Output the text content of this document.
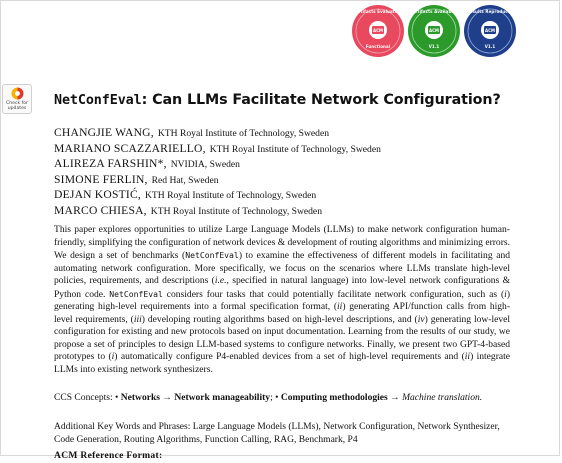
ACM
Artifacts Evaluated
Functional
ACM
Artifacts Available
V1.1
ACM
Results Reproduced
V1.1
Check for
updates
NetConfEval: Can LLMs Facilitate Network Configuration?
CHANGJIE WANG, KTH Royal Institute of Technology, Sweden
MARIANO SCAZZARIELLO, KTH Royal Institute of Technology, Sweden
ALIREZA FARSHIN*, NVIDIA, Sweden
SIMONE FERLIN, Red Hat, Sweden
DEJAN KOSTIĆ, KTH Royal Institute of Technology, Sweden
MARCO CHIESA, KTH Royal Institute of Technology, Sweden
This paper explores opportunities to utilize Large Language Models (LLMs) to make network configuration human-friendly, simplifying the configuration of network devices & development of routing algorithms and minimizing errors. We design a set of benchmarks (NetConfEval) to examine the effectiveness of different models in facilitating and automating network configuration. More specifically, we focus on the scenarios where LLMs translate high-level policies, requirements, and descriptions (i.e., specified in natural language) into low-level network configurations & Python code. NetConfEval considers four tasks that could potentially facilitate network configuration, such as (i) generating high-level requirements into a formal specification format, (ii) generating API/function calls from high-level requirements, (iii) developing routing algorithms based on high-level descriptions, and (iv) generating low-level configuration for existing and new protocols based on input documentation. Learning from the results of our study, we propose a set of principles to design LLM-based systems to configure networks. Finally, we present two GPT-4-based prototypes to (i) automatically configure P4-enabled devices from a set of high-level requirements and (ii) integrate LLMs into existing network synthesizers.
CCS Concepts: • Networks → Network manageability; • Computing methodologies → Machine translation.
Additional Key Words and Phrases: Large Language Models (LLMs), Network Configuration, Network Synthesizer, Code Generation, Routing Algorithms, Function Calling, RAG, Benchmark, P4
ACM Reference Format:
